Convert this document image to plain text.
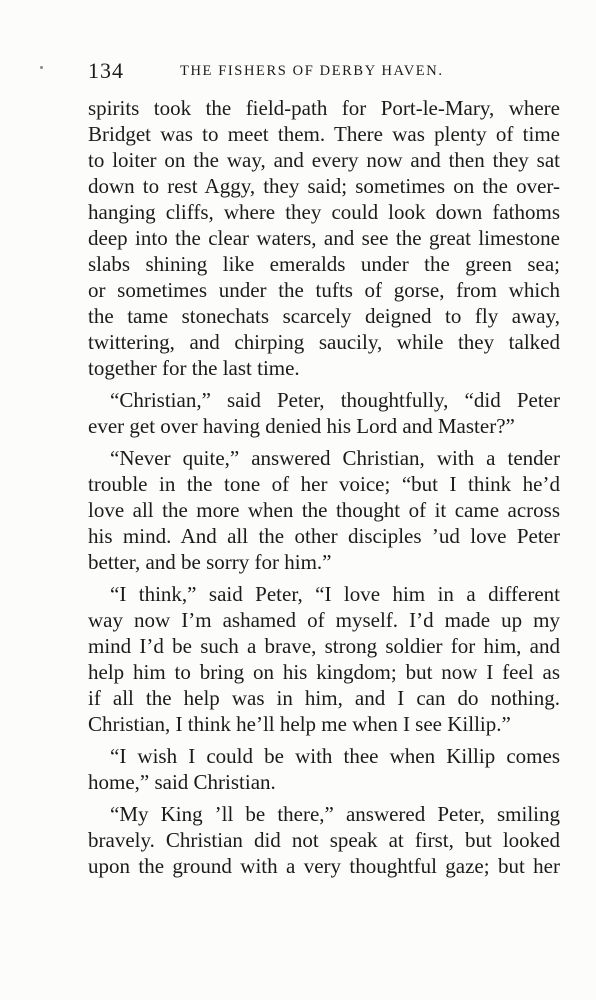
134	THE FISHERS OF DERBY HAVEN.
spirits took the field-path for Port-le-Mary, where
Bridget was to meet them. There was plenty of time
to loiter on the way, and every now and then they sat
down to rest Aggy, they said; sometimes on the over-
hanging cliffs, where they could look down fathoms
deep into the clear waters, and see the great limestone
slabs shining like emeralds under the green sea;
or sometimes under the tufts of gorse, from which
the tame stonechats scarcely deigned to fly away,
twittering, and chirping saucily, while they talked
together for the last time.
“Christian,” said Peter, thoughtfully, “did Peter
ever get over having denied his Lord and Master?”
“Never quite,” answered Christian, with a tender
trouble in the tone of her voice; “but I think he’d
love all the more when the thought of it came across
his mind. And all the other disciples ’ud love Peter
better, and be sorry for him.”
“I think,” said Peter, “I love him in a different
way now I’m ashamed of myself. I’d made up my
mind I’d be such a brave, strong soldier for him, and
help him to bring on his kingdom; but now I feel as
if all the help was in him, and I can do nothing.
Christian, I think he’ll help me when I see Killip.”
“I wish I could be with thee when Killip comes
home,” said Christian.
“My King ’ll be there,” answered Peter, smiling
bravely. Christian did not speak at first, but looked
upon the ground with a very thoughtful gaze; but her
